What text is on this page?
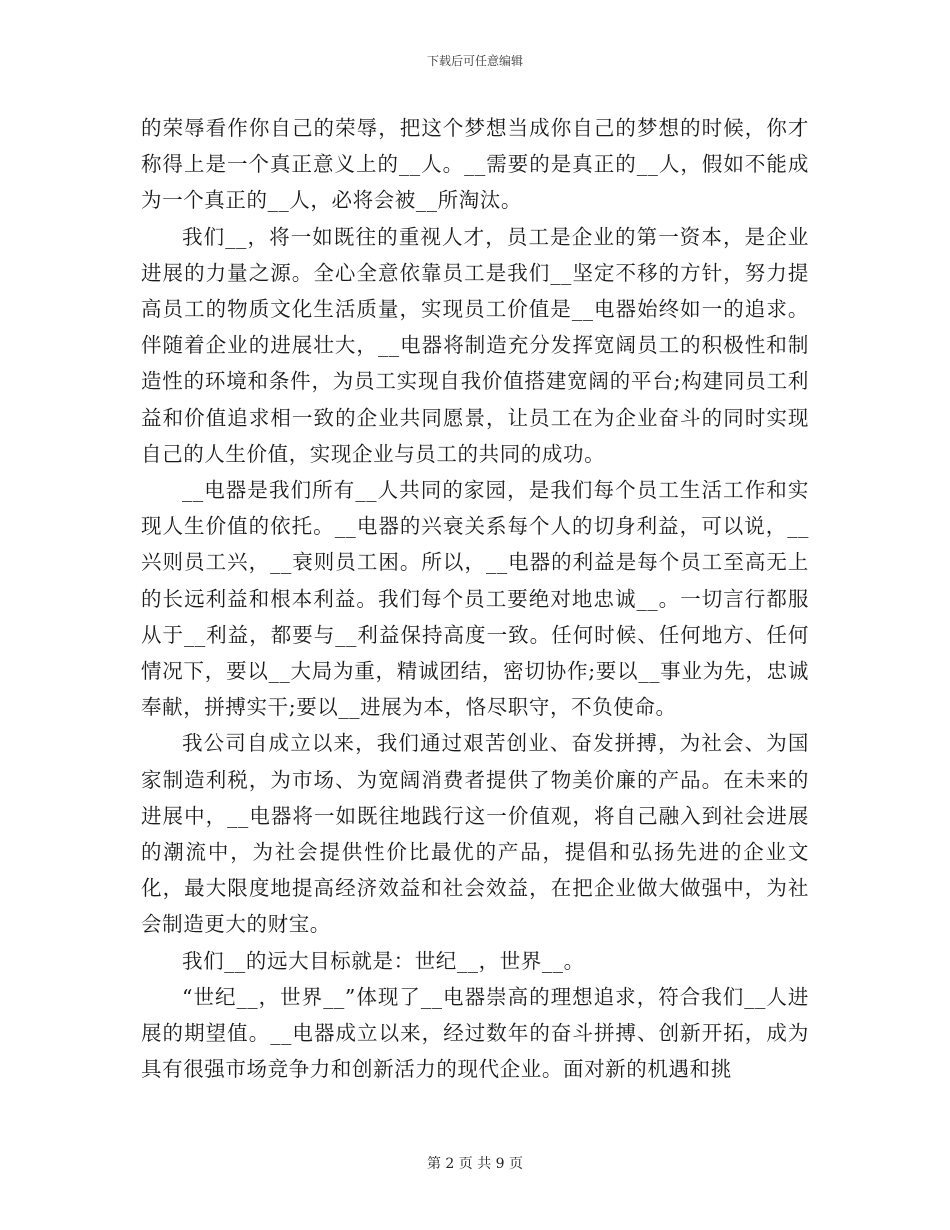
下载后可任意编辑

的荣辱看作你自己的荣辱，把这个梦想当成你自己的梦想的时候，你才称得上是一个真正意义上的__人。__需要的是真正的__人，假如不能成为一个真正的__人，必将会被__所淘汰。

我们__，将一如既往的重视人才，员工是企业的第一资本，是企业进展的力量之源。全心全意依靠员工是我们__坚定不移的方针，努力提高员工的物质文化生活质量，实现员工价值是__电器始终如一的追求。伴随着企业的进展壮大，__电器将制造充分发挥宽阔员工的积极性和制造性的环境和条件，为员工实现自我价值搭建宽阔的平台;构建同员工利益和价值追求相一致的企业共同愿景，让员工在为企业奋斗的同时实现自己的人生价值，实现企业与员工的共同的成功。

__电器是我们所有__人共同的家园，是我们每个员工生活工作和实现人生价值的依托。__电器的兴衰关系每个人的切身利益，可以说，__兴则员工兴，__衰则员工困。所以，__电器的利益是每个员工至高无上的长远利益和根本利益。我们每个员工要绝对地忠诚__。一切言行都服从于__利益，都要与__利益保持高度一致。任何时候、任何地方、任何情况下，要以__大局为重，精诚团结，密切协作;要以__事业为先，忠诚奉献，拼搏实干;要以__进展为本，恪尽职守，不负使命。

我公司自成立以来，我们通过艰苦创业、奋发拼搏，为社会、为国家制造利税，为市场、为宽阔消费者提供了物美价廉的产品。在未来的进展中，__电器将一如既往地践行这一价值观，将自己融入到社会进展的潮流中，为社会提供性价比最优的产品，提倡和弘扬先进的企业文化，最大限度地提高经济效益和社会效益，在把企业做大做强中，为社会制造更大的财宝。

我们__的远大目标就是：世纪__，世界__。

“世纪__，世界__”体现了__电器崇高的理想追求，符合我们__人进展的期望值。__电器成立以来，经过数年的奋斗拼搏、创新开拓，成为具有很强市场竞争力和创新活力的现代企业。面对新的机遇和挑

第 2 页 共 9 页
